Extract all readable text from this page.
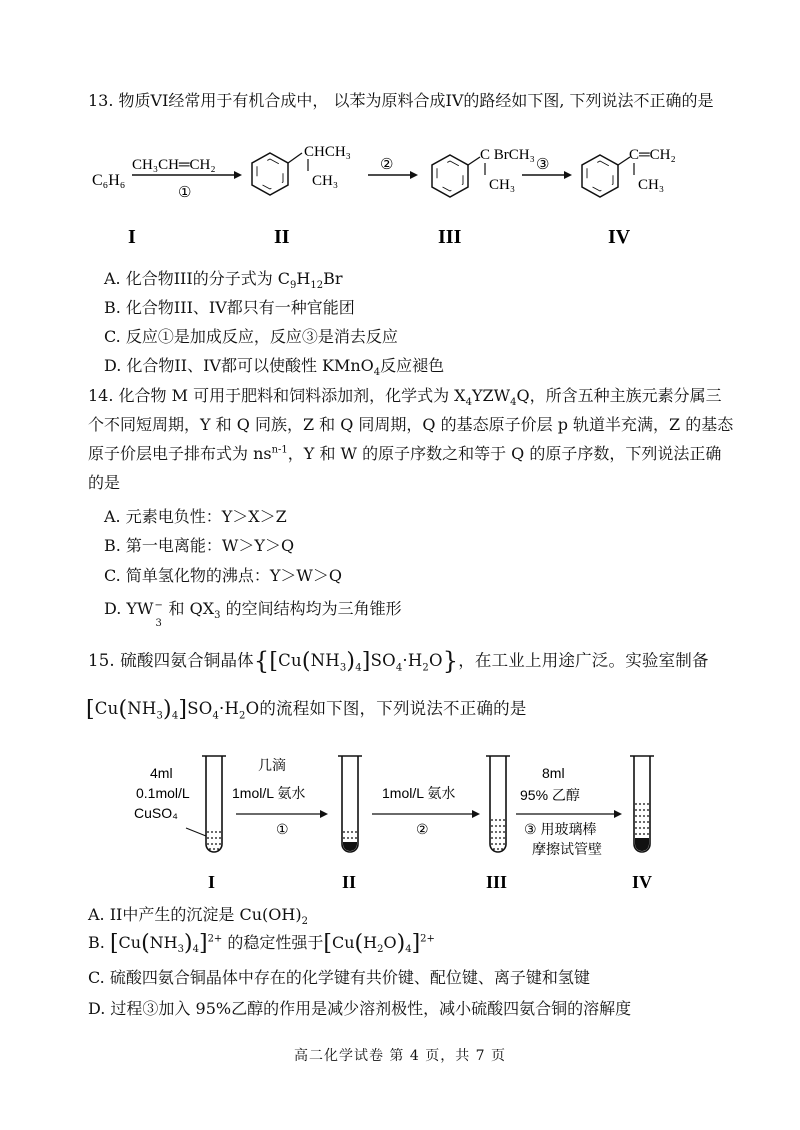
13. 物质VI经常用于有机合成中， 以苯为原料合成IV的路经如下图, 下列说法不正确的是
C₆H₆
CH₃CH═CH₂
①
CHCH₃
CH₃
②
C BrCH₃
CH₃
③
C═CH₂
CH₃
I	II	III	IV
A. 化合物III的分子式为 $C_9H_{12}Br$
B. 化合物III、IV都只有一种官能团
C. 反应①是加成反应，反应③是消去反应
D. 化合物II、IV都可以使酸性 KMnO$_4$反应褪色
14. 化合物 M 可用于肥料和饲料添加剂，化学式为 $X_4YZW_4Q$，所含五种主族元素分属三
个不同短周期，Y 和 Q 同族，Z 和 Q 同周期，Q 的基态原子价层 p 轨道半充满，Z 的基态
原子价层电子排布式为 $ns^{n-1}$，Y 和 W 的原子序数之和等于 Q 的原子序数，下列说法正确
的是
A. 元素电负性：Y＞X＞Z
B. 第一电离能：W＞Y＞Q
C. 简单氢化物的沸点：Y＞W＞Q
D. YW −
3
和 $QX_3$ 的空间结构均为三角锥形
15. 硫酸四氨合铜晶体$\{[Cu(NH_3)_4]SO_4\cdot H_2O\}$，在工业上用途广泛。实验室制备
$[Cu(NH_3)_4]SO_4\cdot H_2O$的流程如下图，下列说法不正确的是
4ml
0.1mol/L
CuSO₄
几滴
1mol/L 氨水
①
1mol/L 氨水
②
8ml
95% 乙醇
③ 用玻璃棒
摩擦试管壁
I	II	III	IV
A. II中产生的沉淀是 $Cu(OH)_2$
B. $[Cu(NH_3)_4]^{2+}$ 的稳定性强于$[Cu(H_2O)_4]^{2+}$
C. 硫酸四氨合铜晶体中存在的化学键有共价键、配位键、离子键和氢键
D. 过程③加入 95%乙醇的作用是减少溶剂极性，减小硫酸四氨合铜的溶解度
高二化学试卷 第 4 页，共 7 页
